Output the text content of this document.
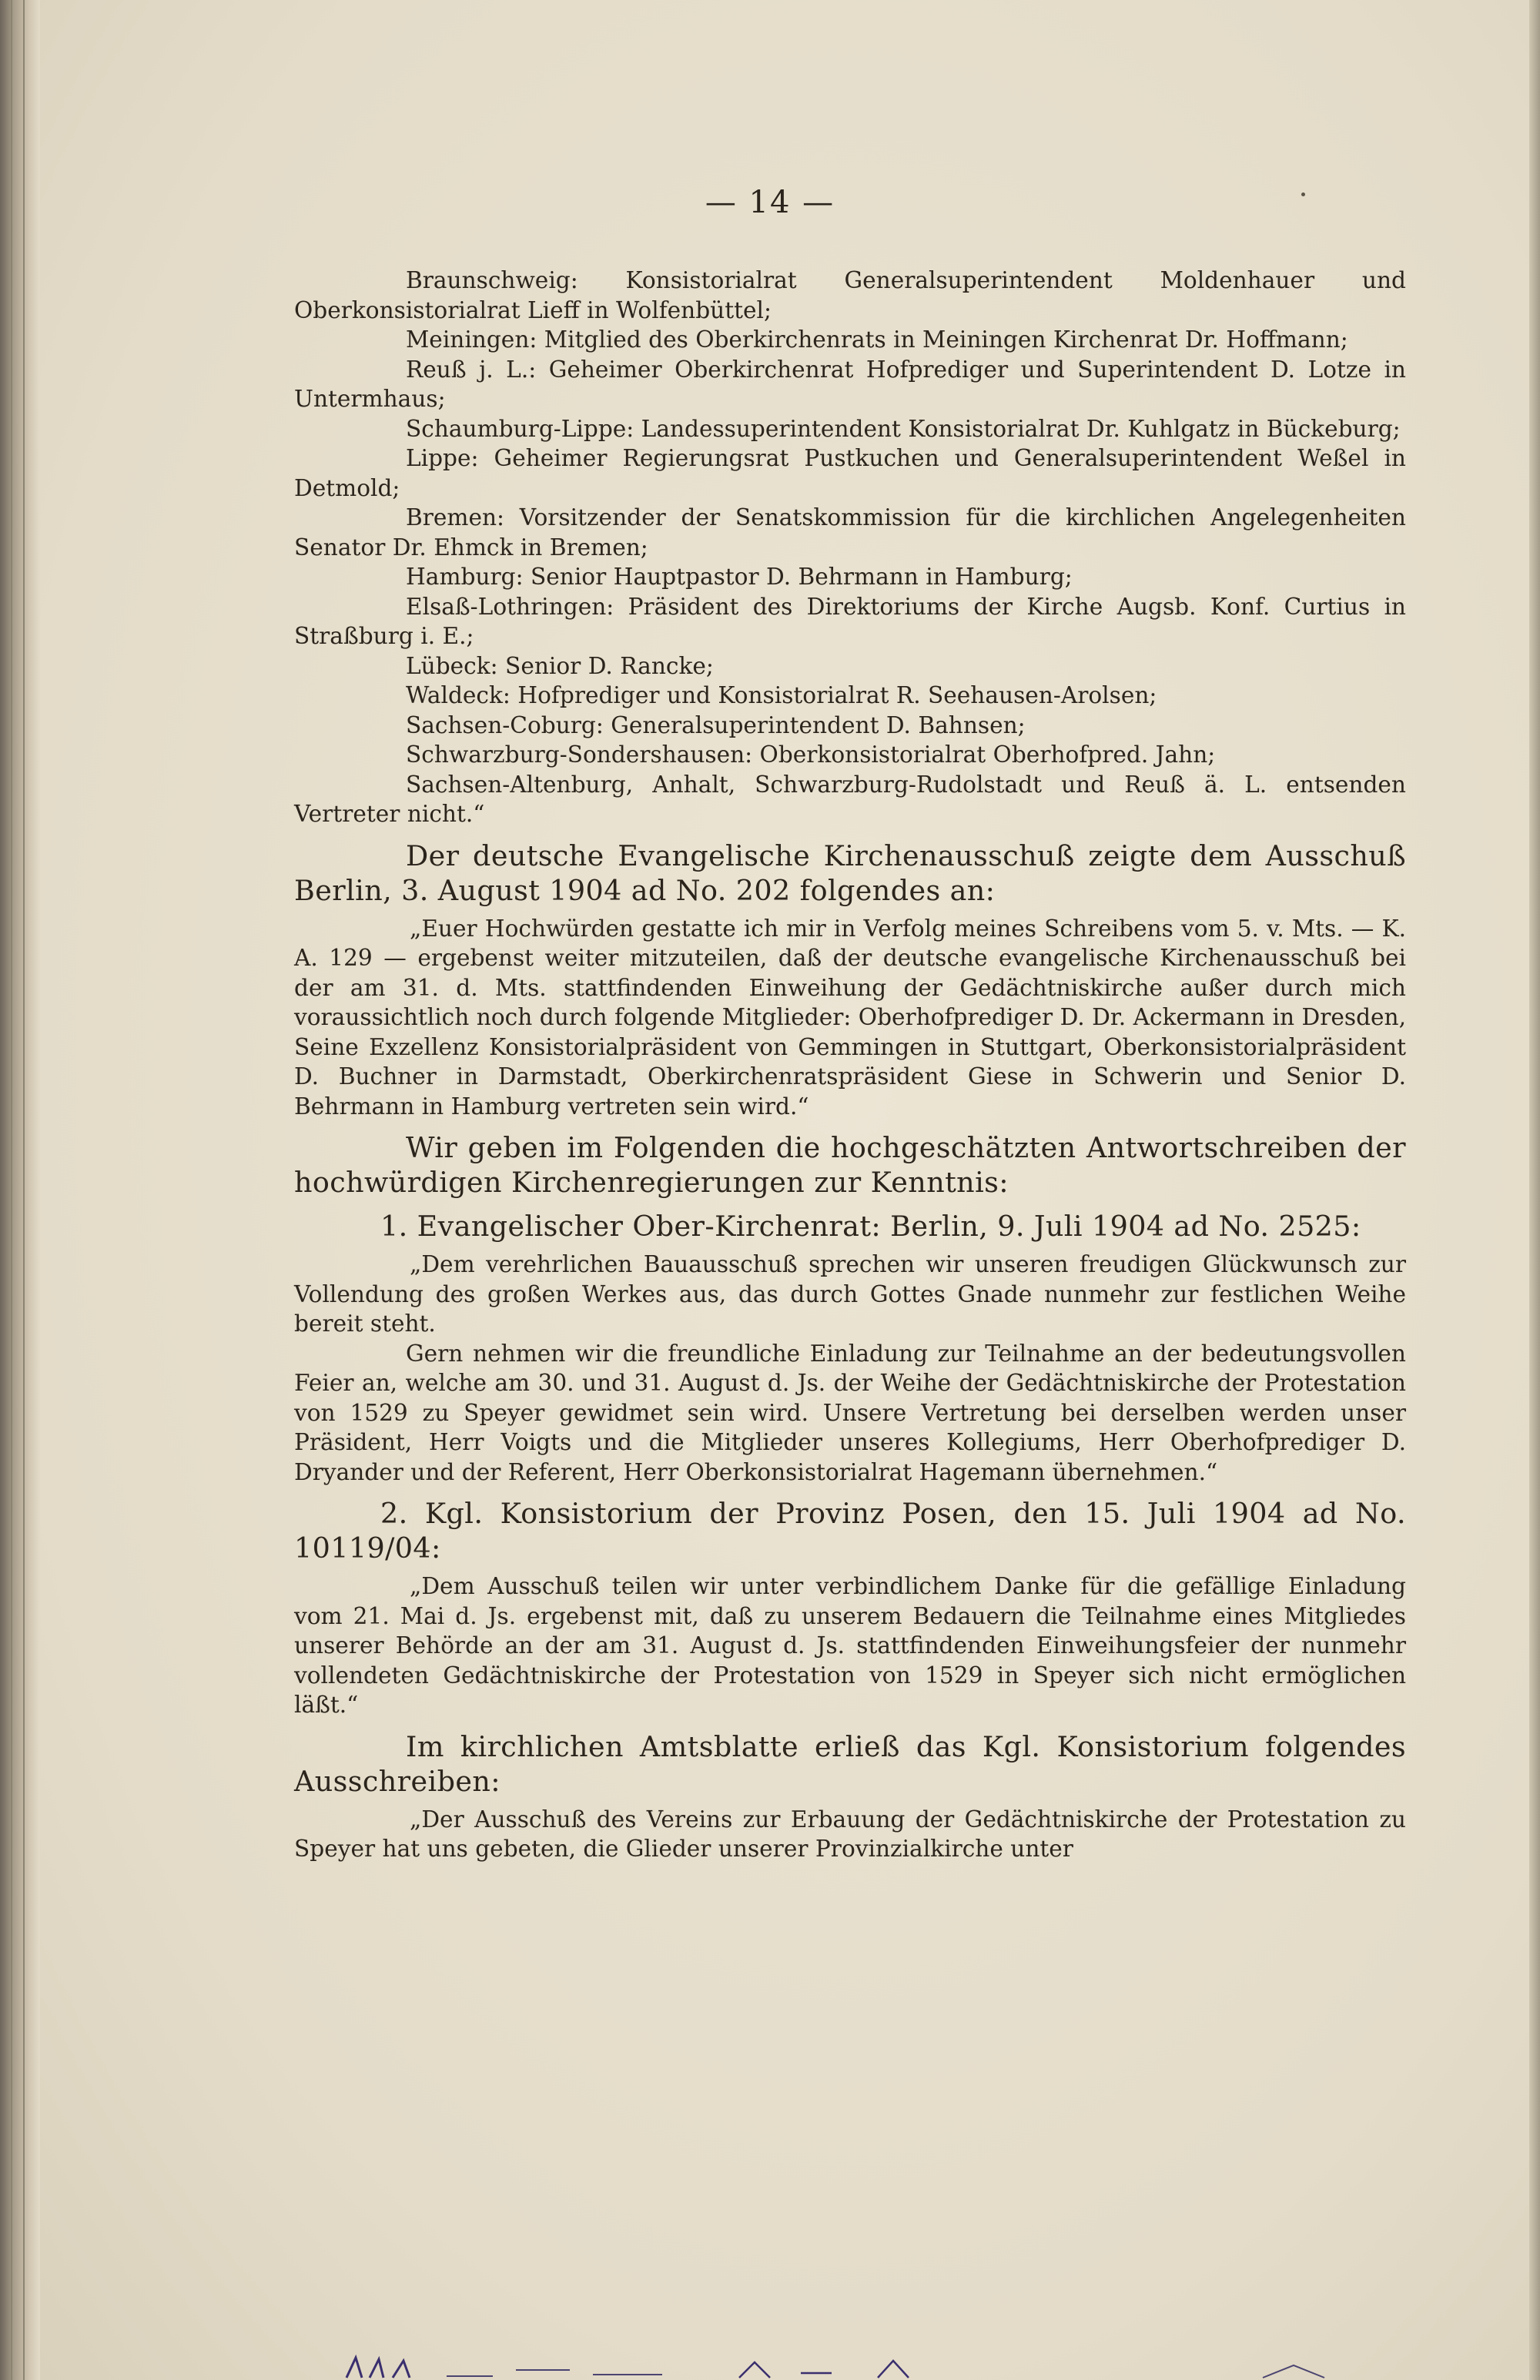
— 14 —

Braunschweig: Konsistorialrat Generalsuperintendent Moldenhauer und Oberkonsistorialrat Lieff in Wolfenbüttel;

Meiningen: Mitglied des Oberkirchenrats in Meiningen Kirchenrat Dr. Hoffmann;

Reuß j. L.: Geheimer Oberkirchenrat Hofprediger und Superintendent D. Lotze in Untermhaus;

Schaumburg-Lippe: Landessuperintendent Konsistorialrat Dr. Kuhlgatz in Bückeburg;

Lippe: Geheimer Regierungsrat Pustkuchen und Generalsuperintendent Weßel in Detmold;

Bremen: Vorsitzender der Senatskommission für die kirchlichen Angelegenheiten Senator Dr. Ehmck in Bremen;

Hamburg: Senior Hauptpastor D. Behrmann in Hamburg;

Elsaß-Lothringen: Präsident des Direktoriums der Kirche Augsb. Konf. Curtius in Straßburg i. E.;

Lübeck: Senior D. Rancke;

Waldeck: Hofprediger und Konsistorialrat R. Seehausen-Arolsen;

Sachsen-Coburg: Generalsuperintendent D. Bahnsen;

Schwarzburg-Sondershausen: Oberkonsistorialrat Oberhofpred. Jahn;

Sachsen-Altenburg, Anhalt, Schwarzburg-Rudolstadt und Reuß ä. L. entsenden Vertreter nicht.“

Der deutsche Evangelische Kirchenausschuß zeigte dem Ausschuß Berlin, 3. August 1904 ad No. 202 folgendes an:

„Euer Hochwürden gestatte ich mir in Verfolg meines Schreibens vom 5. v. Mts. — K. A. 129 — ergebenst weiter mitzuteilen, daß der deutsche evangelische Kirchenausschuß bei der am 31. d. Mts. stattfindenden Einweihung der Gedächtniskirche außer durch mich voraussichtlich noch durch folgende Mitglieder: Oberhofprediger D. Dr. Ackermann in Dresden, Seine Exzellenz Konsistorialpräsident von Gemmingen in Stuttgart, Oberkonsistorialpräsident D. Buchner in Darmstadt, Oberkirchenratspräsident Giese in Schwerin und Senior D. Behrmann in Hamburg vertreten sein wird.“

Wir geben im Folgenden die hochgeschätzten Antwortschreiben der hochwürdigen Kirchenregierungen zur Kenntnis:

1. Evangelischer Ober-Kirchenrat: Berlin, 9. Juli 1904 ad No. 2525:

„Dem verehrlichen Bauausschuß sprechen wir unseren freudigen Glückwunsch zur Vollendung des großen Werkes aus, das durch Gottes Gnade nunmehr zur festlichen Weihe bereit steht.

Gern nehmen wir die freundliche Einladung zur Teilnahme an der bedeutungsvollen Feier an, welche am 30. und 31. August d. Js. der Weihe der Gedächtniskirche der Protestation von 1529 zu Speyer gewidmet sein wird. Unsere Vertretung bei derselben werden unser Präsident, Herr Voigts und die Mitglieder unseres Kollegiums, Herr Oberhofprediger D. Dryander und der Referent, Herr Oberkonsistorialrat Hagemann übernehmen.“

2. Kgl. Konsistorium der Provinz Posen, den 15. Juli 1904 ad No. 10119/04:

„Dem Ausschuß teilen wir unter verbindlichem Danke für die gefällige Einladung vom 21. Mai d. Js. ergebenst mit, daß zu unserem Bedauern die Teilnahme eines Mitgliedes unserer Behörde an der am 31. August d. Js. stattfindenden Einweihungsfeier der nunmehr vollendeten Gedächtniskirche der Protestation von 1529 in Speyer sich nicht ermöglichen läßt.“

Im kirchlichen Amtsblatte erließ das Kgl. Konsistorium folgendes Ausschreiben:

„Der Ausschuß des Vereins zur Erbauung der Gedächtniskirche der Protestation zu Speyer hat uns gebeten, die Glieder unserer Provinzialkirche unter
